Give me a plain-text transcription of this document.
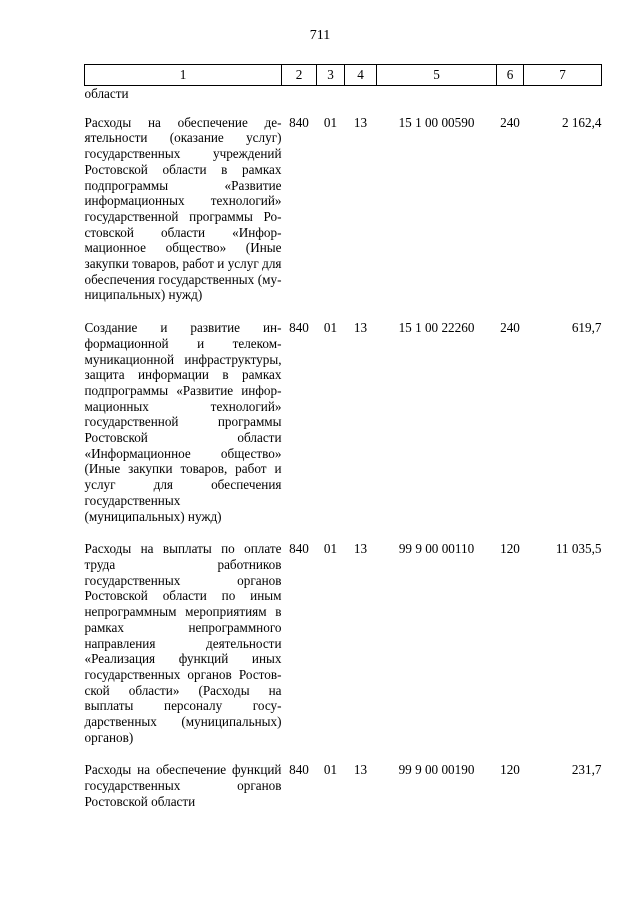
711
1	2	3	4	5	6	7
области						
Расходы на обеспечение деятельности (оказание услуг) государственных учреждений Ростовской области в рамках подпрограммы «Развитие информационных технологий» государственной программы Ростовской области «Информационное общество» (Иные закупки товаров, работ и услуг для обеспечения государственных (муниципальных) нужд)	840	01	13	15 1 00 00590	240	2 162,4
Создание и развитие информационной и телекоммуникационной инфраструктуры, защита информации в рамках подпрограммы «Развитие информационных технологий» государственной программы Ростовской области «Информационное общество» (Иные закупки товаров, работ и услуг для обеспечения государственных (муниципальных) нужд)	840	01	13	15 1 00 22260	240	619,7
Расходы на выплаты по оплате труда работников государственных органов Ростовской области по иным непрограммным мероприятиям в рамках непрограммного направления деятельности «Реализация функций иных государственных органов Ростовской области» (Расходы на выплаты персоналу государственных (муниципальных) органов)	840	01	13	99 9 00 00110	120	11 035,5
Расходы на обеспечение функций государственных органов Ростовской области	840	01	13	99 9 00 00190	120	231,7
